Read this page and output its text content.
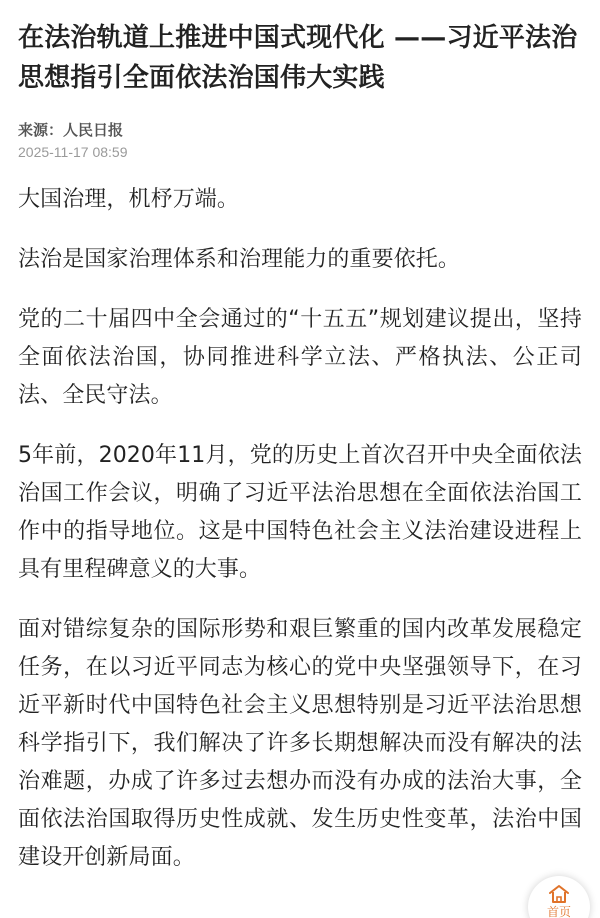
在法治轨道上推进中国式现代化 ——习近平法治思想指引全面依法治国伟大实践
来源：人民日报
2025-11-17 08:59

大国治理，机杼万端。

法治是国家治理体系和治理能力的重要依托。

党的二十届四中全会通过的“十五五”规划建议提出，坚持全面依法治国，协同推进科学立法、严格执法、公正司法、全民守法。

5年前，2020年11月，党的历史上首次召开中央全面依法治国工作会议，明确了习近平法治思想在全面依法治国工作中的指导地位。这是中国特色社会主义法治建设进程上具有里程碑意义的大事。

面对错综复杂的国际形势和艰巨繁重的国内改革发展稳定任务，在以习近平同志为核心的党中央坚强领导下，在习近平新时代中国特色社会主义思想特别是习近平法治思想科学指引下，我们解决了许多长期想解决而没有解决的法治难题，办成了许多过去想办而没有办成的法治大事，全面依法治国取得历史性成就、发生历史性变革，法治中国建设开创新局面。

首页
